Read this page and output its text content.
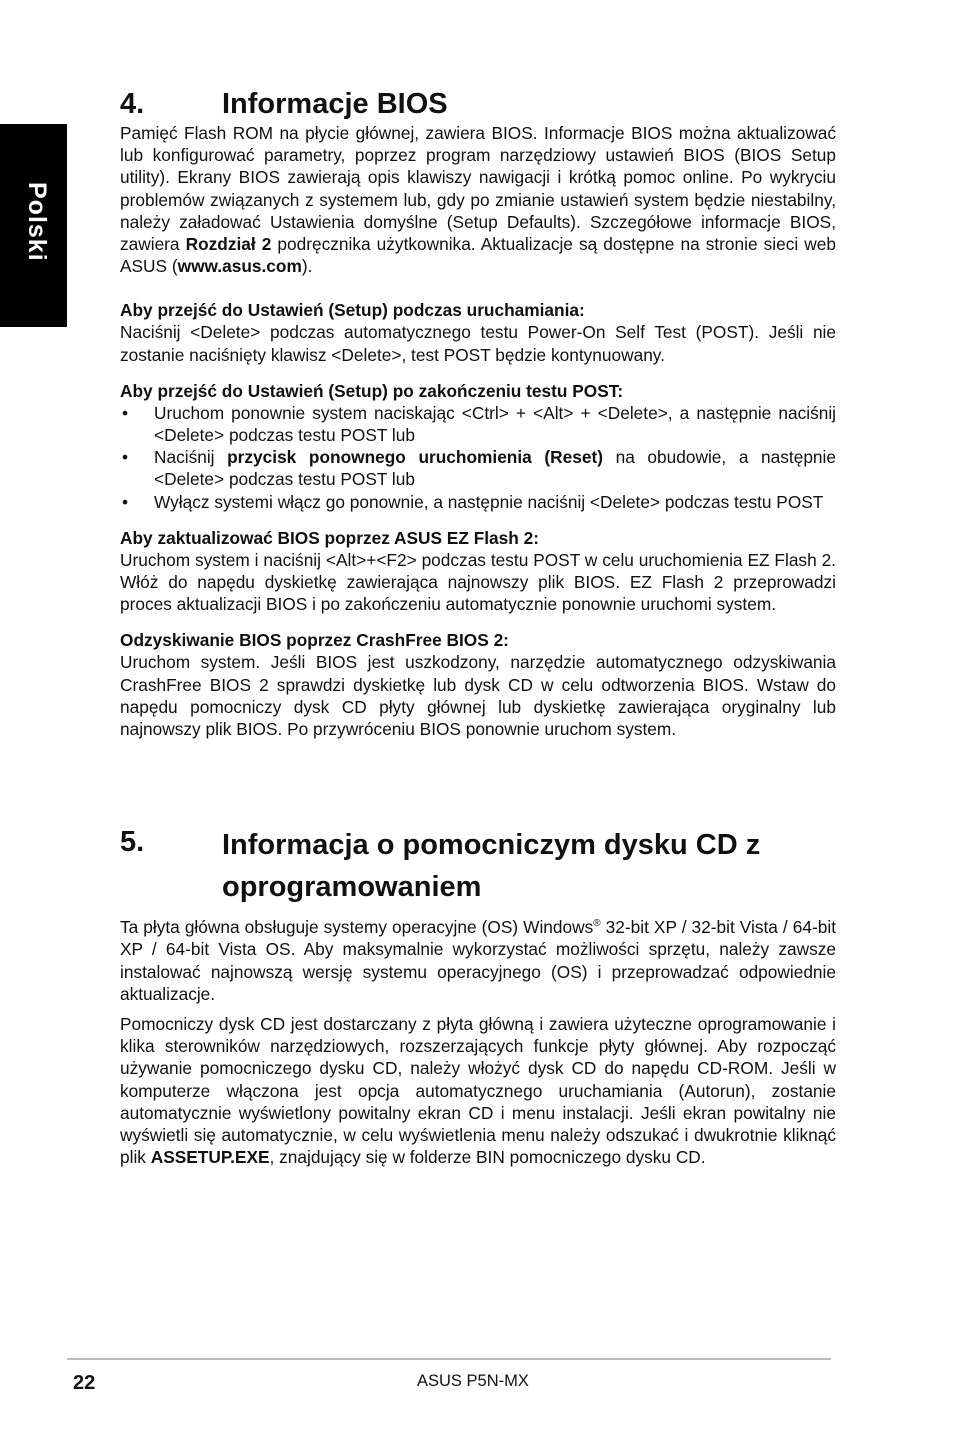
Polski
4.	Informacje BIOS

Pamięć Flash ROM na płycie głównej, zawiera BIOS. Informacje BIOS można aktualizować lub konfigurować parametry, poprzez program narzędziowy ustawień BIOS (BIOS Setup utility). Ekrany BIOS zawierają opis klawiszy nawigacji i krótką pomoc online. Po wykryciu problemów związanych z systemem lub, gdy po zmianie ustawień system będzie niestabilny, należy załadować Ustawienia domyślne (Setup Defaults). Szczegółowe informacje BIOS, zawiera Rozdział 2 podręcznika użytkownika. Aktualizacje są dostępne na stronie sieci web ASUS (www.asus.com).

Aby przejść do Ustawień (Setup) podczas uruchamiania:

Naciśnij <Delete> podczas automatycznego testu Power-On Self Test (POST). Jeśli nie zostanie naciśnięty klawisz <Delete>, test POST będzie kontynuowany.

Aby przejść do Ustawień (Setup) po zakończeniu testu POST:
• Uruchom ponownie system naciskając <Ctrl> + <Alt> + <Delete>, a następnie naciśnij <Delete> podczas testu POST lub
• Naciśnij przycisk ponownego uruchomienia (Reset) na obudowie, a następnie <Delete> podczas testu POST lub
• Wyłącz systemi włącz go ponownie, a następnie naciśnij <Delete> podczas testu POST
Aby zaktualizować BIOS poprzez ASUS EZ Flash 2:

Uruchom system i naciśnij <Alt>+<F2> podczas testu POST w celu uruchomienia EZ Flash 2. Włóż do napędu dyskietkę zawierająca najnowszy plik BIOS. EZ Flash 2 przeprowadzi proces aktualizacji BIOS i po zakończeniu automatycznie ponownie uruchomi system.

Odzyskiwanie BIOS poprzez CrashFree BIOS 2:

Uruchom system. Jeśli BIOS jest uszkodzony, narzędzie automatycznego odzyskiwania CrashFree BIOS 2 sprawdzi dyskietkę lub dysk CD w celu odtworzenia BIOS. Wstaw do napędu pomocniczy dysk CD płyty głównej lub dyskietkę zawierająca oryginalny lub najnowszy plik BIOS. Po przywróceniu BIOS ponownie uruchom system.

5.	Informacja o pomocniczym dysku CD z oprogramowaniem

Ta płyta główna obsługuje systemy operacyjne (OS) Windows® 32-bit XP / 32-bit Vista / 64-bit XP / 64-bit Vista OS. Aby maksymalnie wykorzystać możliwości sprzętu, należy zawsze instalować najnowszą wersję systemu operacyjnego (OS) i przeprowadzać odpowiednie aktualizacje.

Pomocniczy dysk CD jest dostarczany z płyta główną i zawiera użyteczne oprogramowanie i klika sterowników narzędziowych, rozszerzających funkcje płyty głównej. Aby rozpocząć używanie pomocniczego dysku CD, należy włożyć dysk CD do napędu CD-ROM. Jeśli w komputerze włączona jest opcja automatycznego uruchamiania (Autorun), zostanie automatycznie wyświetlony powitalny ekran CD i menu instalacji. Jeśli ekran powitalny nie wyświetli się automatycznie, w celu wyświetlenia menu należy odszukać i dwukrotnie kliknąć plik ASSETUP.EXE, znajdujący się w folderze BIN pomocniczego dysku CD.

22	ASUS P5N-MX
